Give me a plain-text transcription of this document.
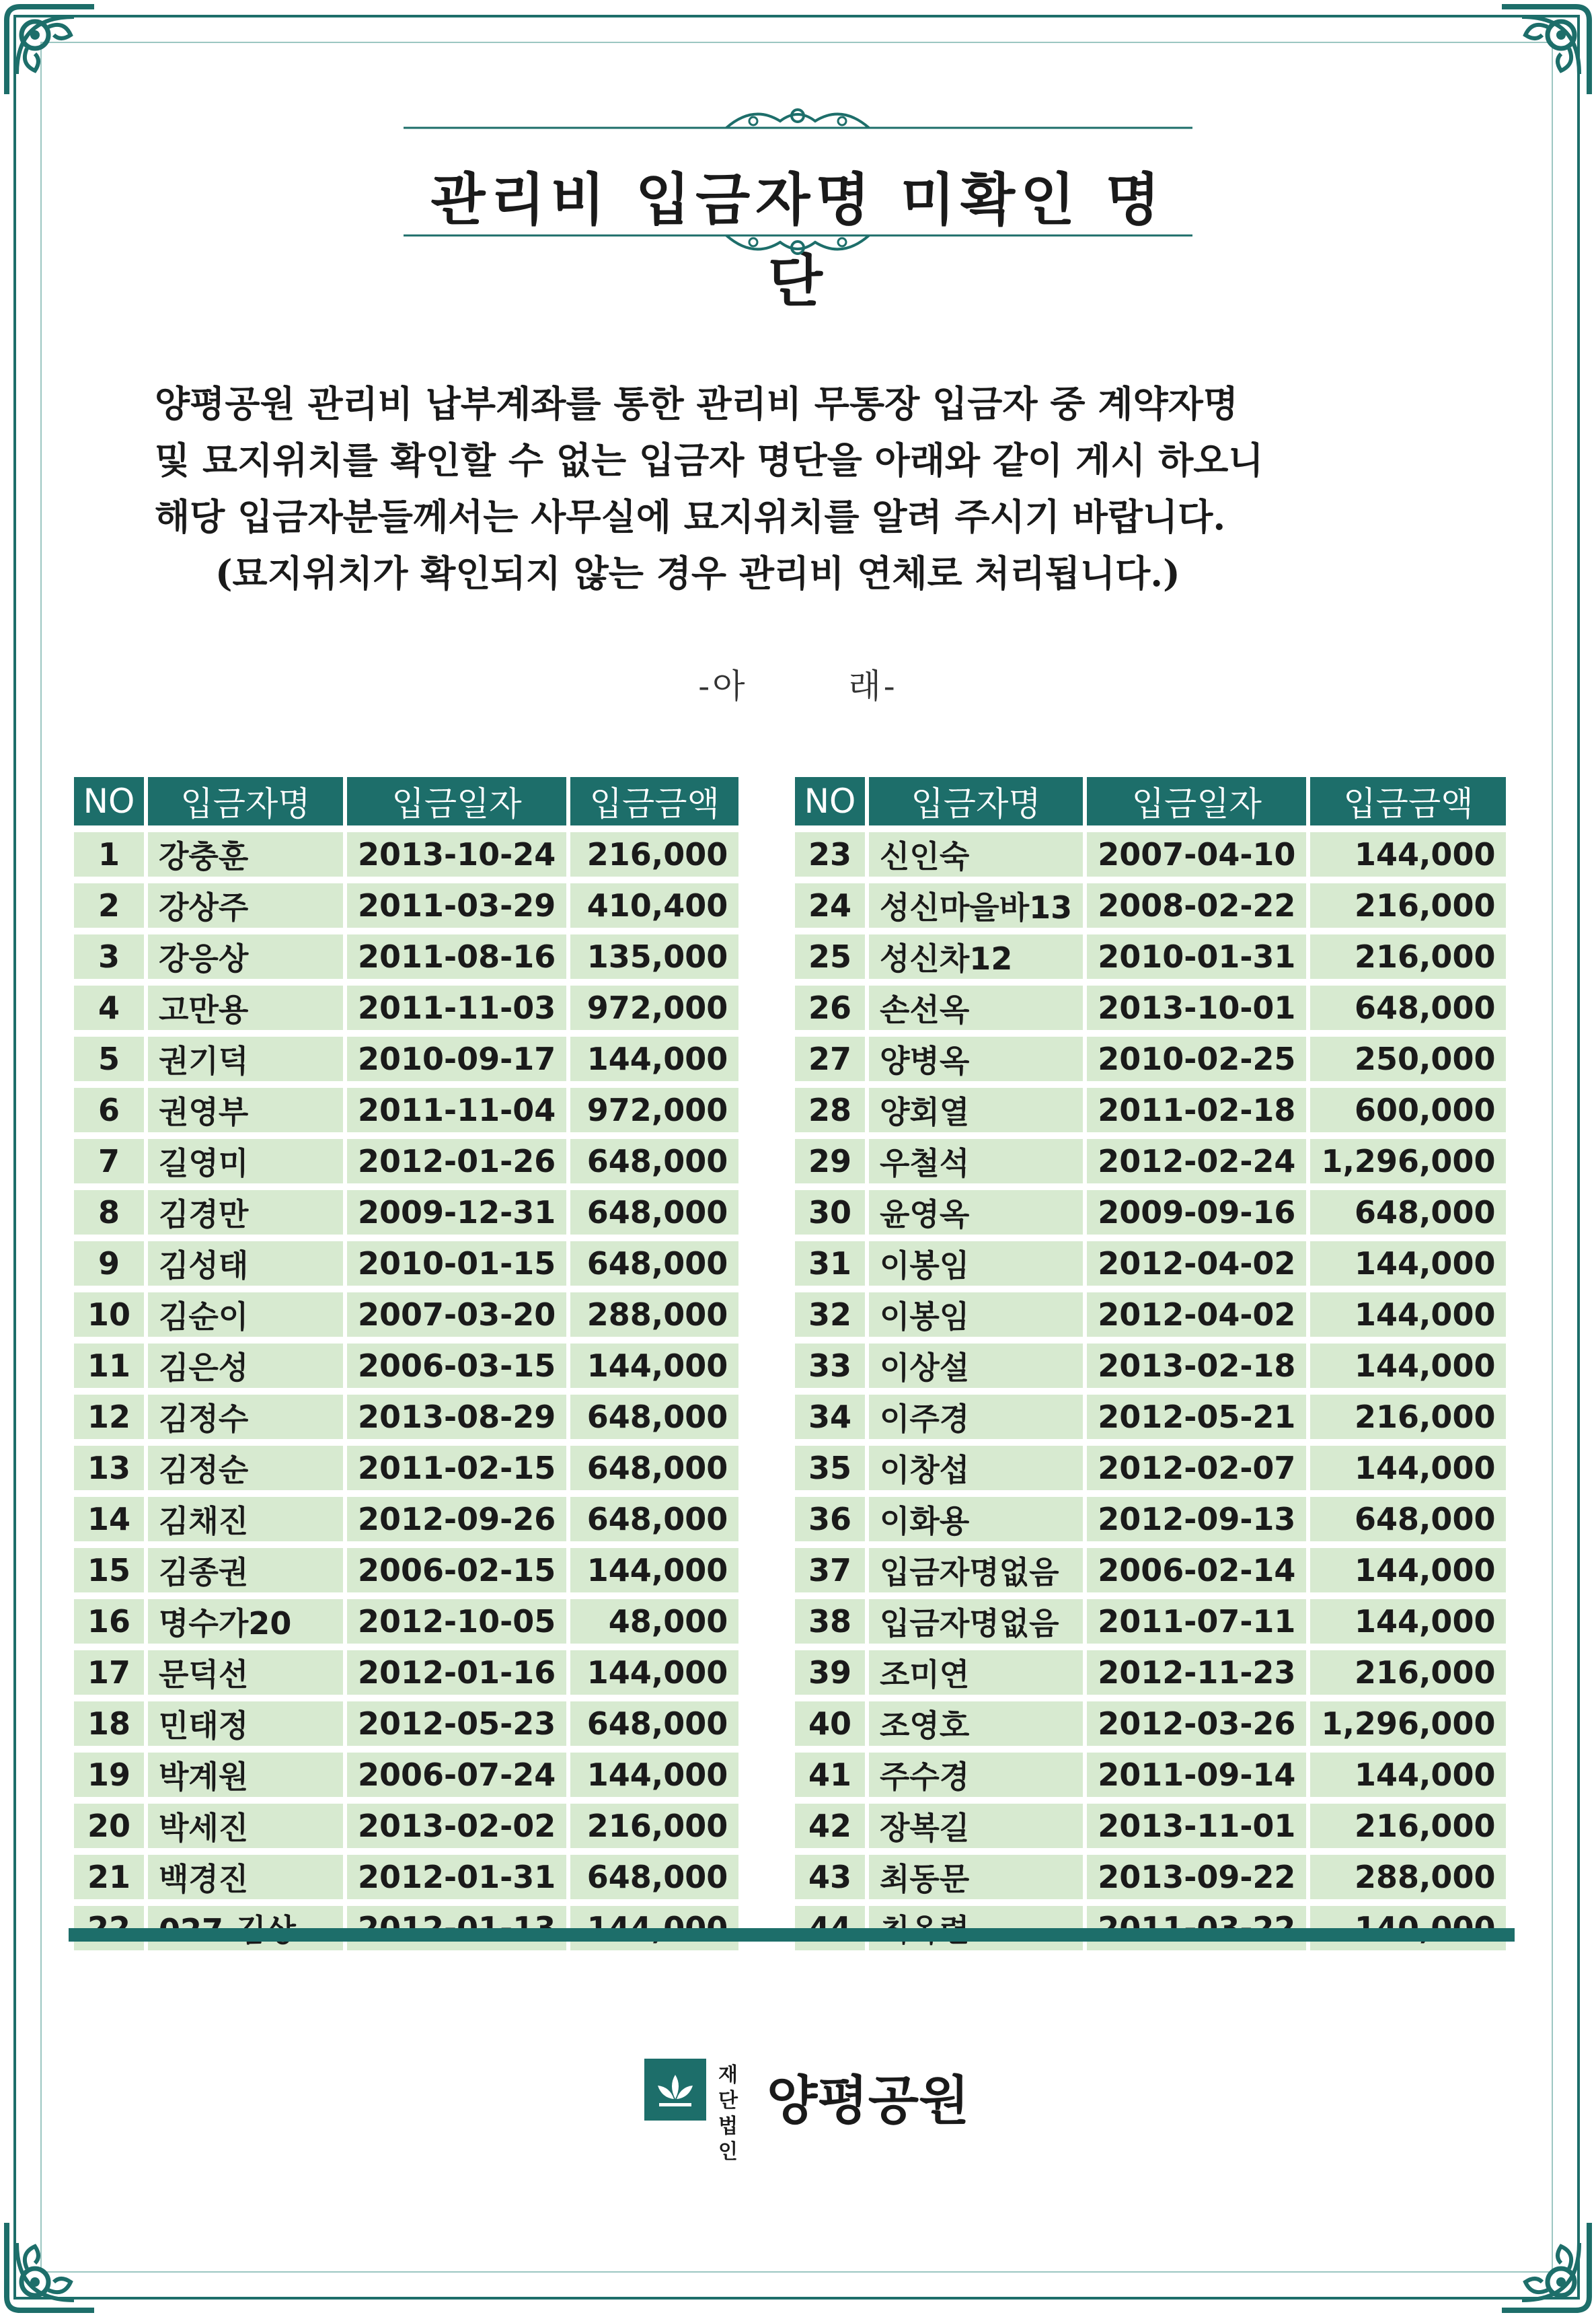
관리비 입금자명 미확인 명단
양평공원 관리비 납부계좌를 통한 관리비 무통장 입금자 중 계약자명
및 묘지위치를 확인할 수 없는 입금자 명단을 아래와 같이 게시 하오니
해당 입금자분들께서는 사무실에 묘지위치를 알려 주시기 바랍니다.
(묘지위치가 확인되지 않는 경우 관리비 연체로 처리됩니다.)
-아	래-
NO	입금자명	입금일자	입금금액
1	강충훈	2013-10-24	216,000
2	강상주	2011-03-29	410,400
3	강응상	2011-08-16	135,000
4	고만용	2011-11-03	972,000
5	권기덕	2010-09-17	144,000
6	권영부	2011-11-04	972,000
7	길영미	2012-01-26	648,000
8	김경만	2009-12-31	648,000
9	김성태	2010-01-15	648,000
10	김순이	2007-03-20	288,000
11	김은성	2006-03-15	144,000
12	김정수	2013-08-29	648,000
13	김정순	2011-02-15	648,000
14	김채진	2012-09-26	648,000
15	김종권	2006-02-15	144,000
16	명수가20	2012-10-05	48,000
17	문덕선	2012-01-16	144,000
18	민태정	2012-05-23	648,000
19	박계원	2006-07-24	144,000
20	박세진	2013-02-02	216,000
21	백경진	2012-01-31	648,000

NO	입금자명	입금일자	입금금액
23	신인숙	2007-04-10	144,000
24	성신마을바13	2008-02-22	216,000
25	성신차12	2010-01-31	216,000
26	손선옥	2013-10-01	648,000
27	양병옥	2010-02-25	250,000
28	양회열	2011-02-18	600,000
29	우철석	2012-02-24	1,296,000
30	윤영옥	2009-09-16	648,000
31	이봉임	2012-04-02	144,000
32	이봉임	2012-04-02	144,000
33	이상설	2013-02-18	144,000
34	이주경	2012-05-21	216,000
35	이창섭	2012-02-07	144,000
36	이화용	2012-09-13	648,000
37	입금자명없음	2006-02-14	144,000
38	입금자명없음	2011-07-11	144,000
39	조미연	2012-11-23	216,000
40	조영호	2012-03-26	1,296,000
41	주수경	2011-09-14	144,000
42	장복길	2013-11-01	216,000
43	최동문	2013-09-22	288,000

재단
법인
양평공원
